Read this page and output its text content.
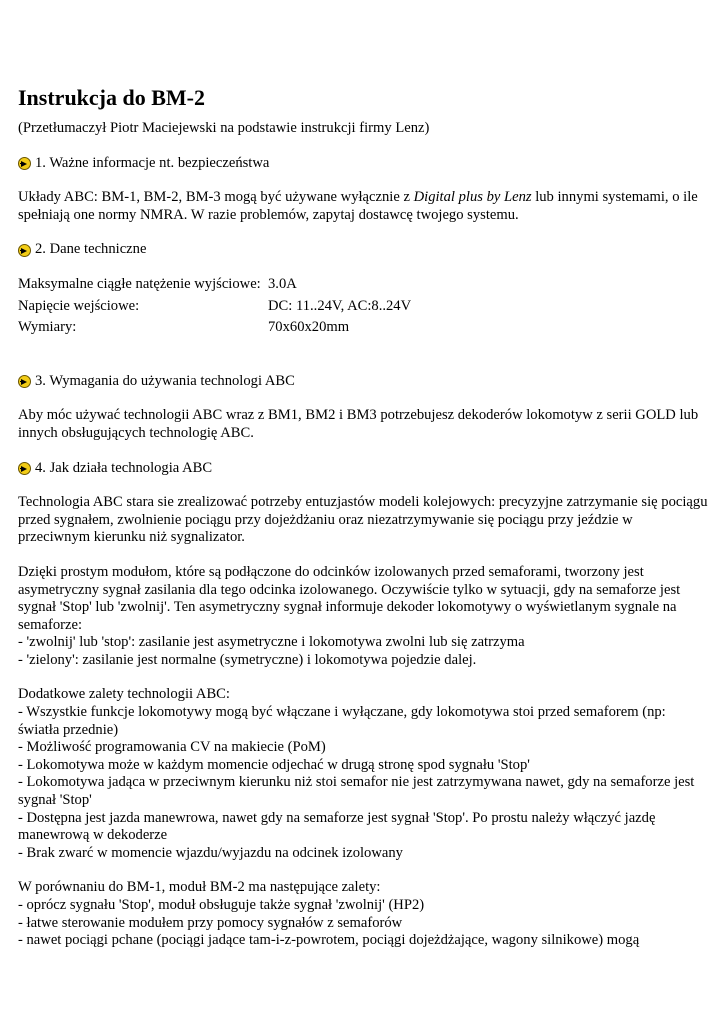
Instrukcja do BM-2

(Przetłumaczył Piotr Maciejewski na podstawie instrukcji firmy Lenz)

1. Ważne informacje nt. bezpieczeństwa

Układy ABC: BM-1, BM-2, BM-3 mogą być używane wyłącznie z Digital plus by Lenz lub innymi systemami, o ile spełniają one normy NMRA. W razie problemów, zapytaj dostawcę twojego systemu.

2. Dane techniczne
Maksymalne ciągłe natężenie wyjściowe:	3.0A
Napięcie wejściowe:	DC: 11..24V, AC:8..24V
Wymiary:	70x60x20mm
3. Wymagania do używania technologi ABC

Aby móc używać technologii ABC wraz z BM1, BM2 i BM3 potrzebujesz dekoderów lokomotyw z serii GOLD lub innych obsługujących technologię ABC.

4. Jak działa technologia ABC

Technologia ABC stara sie zrealizować potrzeby entuzjastów modeli kolejowych: precyzyjne zatrzymanie się pociągu przed sygnałem, zwolnienie pociągu przy dojeżdżaniu oraz niezatrzymywanie się pociągu przy jeździe w przeciwnym kierunku niż sygnalizator.

Dzięki prostym modułom, które są podłączone do odcinków izolowanych przed semaforami, tworzony jest asymetryczny sygnał zasilania dla tego odcinka izolowanego. Oczywiście tylko w sytuacji, gdy na semaforze jest sygnał 'Stop' lub 'zwolnij'. Ten asymetryczny sygnał informuje dekoder lokomotywy o wyświetlanym sygnale na semaforze:

- 'zwolnij' lub 'stop': zasilanie jest asymetryczne i lokomotywa zwolni lub się zatrzyma

- 'zielony': zasilanie jest normalne (symetryczne) i lokomotywa pojedzie dalej.

Dodatkowe zalety technologii ABC:

- Wszystkie funkcje lokomotywy mogą być włączane i wyłączane, gdy lokomotywa stoi przed semaforem (np: światła przednie)

- Możliwość programowania CV na makiecie (PoM)

- Lokomotywa może w każdym momencie odjechać w drugą stronę spod sygnału 'Stop'

- Lokomotywa jadąca w przeciwnym kierunku niż stoi semafor nie jest zatrzymywana nawet, gdy na semaforze jest sygnał 'Stop'

- Dostępna jest jazda manewrowa, nawet gdy na semaforze jest sygnał 'Stop'. Po prostu należy włączyć jazdę manewrową w dekoderze

- Brak zwarć w momencie wjazdu/wyjazdu na odcinek izolowany

W porównaniu do BM-1, moduł BM-2 ma następujące zalety:

- oprócz sygnału 'Stop', moduł obsługuje także sygnał 'zwolnij' (HP2)

- łatwe sterowanie modułem przy pomocy sygnałów z semaforów

- nawet pociągi pchane (pociągi jadące tam-i-z-powrotem, pociągi dojeżdżające, wagony silnikowe) mogą
